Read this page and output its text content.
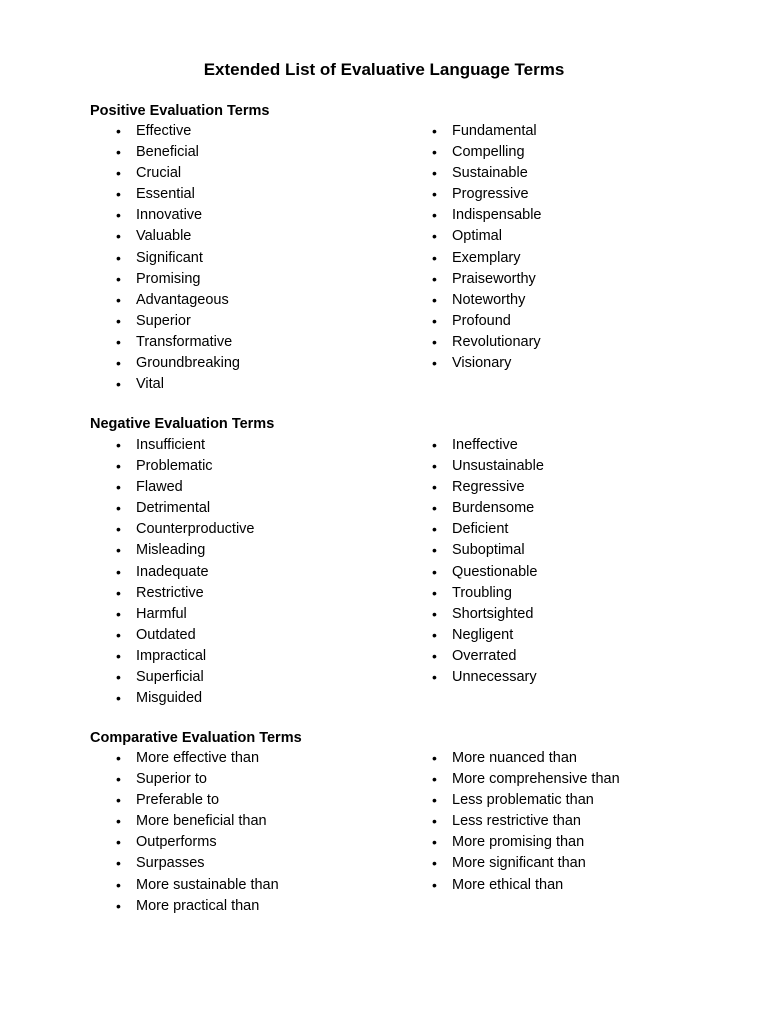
Extended List of Evaluative Language Terms
Positive Evaluation Terms
• Effective
• Beneficial
• Crucial
• Essential
• Innovative
• Valuable
• Significant
• Promising
• Advantageous
• Superior
• Transformative
• Groundbreaking
• Vital
• Fundamental
• Compelling
• Sustainable
• Progressive
• Indispensable
• Optimal
• Exemplary
• Praiseworthy
• Noteworthy
• Profound
• Revolutionary
• Visionary
Negative Evaluation Terms
• Insufficient
• Problematic
• Flawed
• Detrimental
• Counterproductive
• Misleading
• Inadequate
• Restrictive
• Harmful
• Outdated
• Impractical
• Superficial
• Misguided
• Ineffective
• Unsustainable
• Regressive
• Burdensome
• Deficient
• Suboptimal
• Questionable
• Troubling
• Shortsighted
• Negligent
• Overrated
• Unnecessary
Comparative Evaluation Terms
• More effective than
• Superior to
• Preferable to
• More beneficial than
• Outperforms
• Surpasses
• More sustainable than
• More practical than
• More nuanced than
• More comprehensive than
• Less problematic than
• Less restrictive than
• More promising than
• More significant than
• More ethical than
